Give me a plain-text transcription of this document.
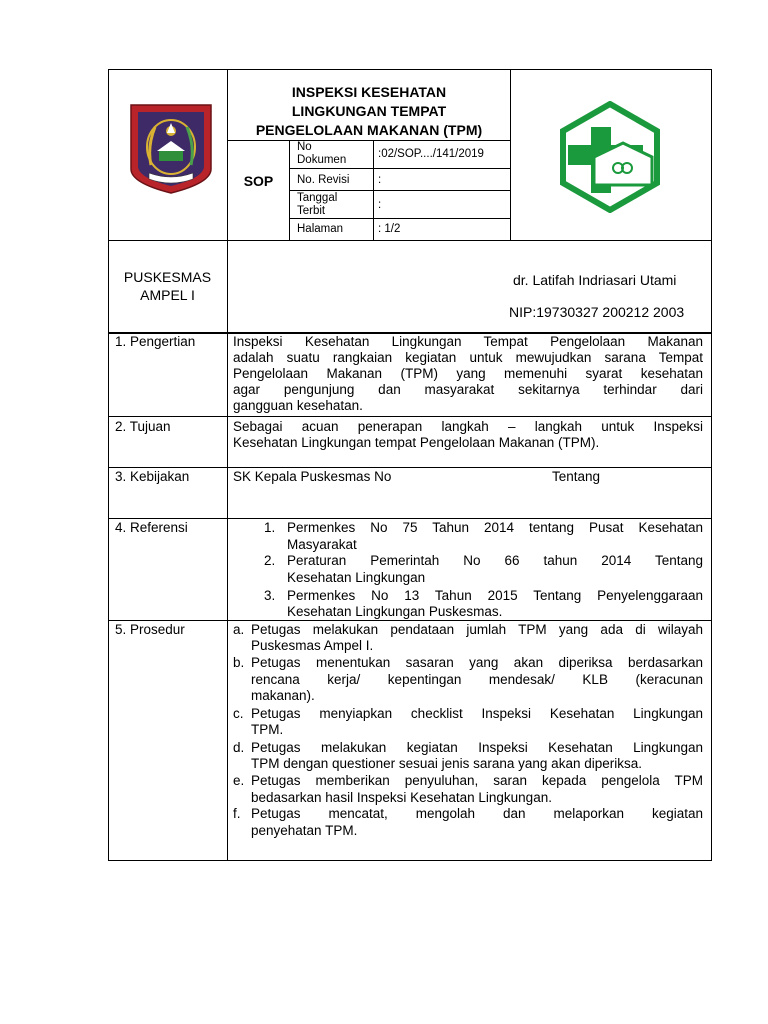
INSPEKSI KESEHATAN
LINGKUNGAN TEMPAT
PENGELOLAAN MAKANAN (TPM)
SOP
No
Dokumen	:02/SOP..../141/2019
No. Revisi :
Tanggal
Terbit	:
Halaman	: 1/2
PUSKESMAS
AMPEL I
dr. Latifah Indriasari Utami
NIP:19730327 200212 2003
1. Pengertian	Inspeksi Kesehatan Lingkungan Tempat Pengelolaan Makanan
adalah suatu rangkaian kegiatan untuk mewujudkan sarana Tempat
Pengelolaan Makanan (TPM) yang memenuhi syarat kesehatan
agar pengunjung dan masyarakat sekitarnya terhindar dari
gangguan kesehatan.
2. Tujuan	Sebagai acuan penerapan langkah – langkah untuk Inspeksi
Kesehatan Lingkungan tempat Pengelolaan Makanan (TPM).
3. Kebijakan	SK Kepala Puskesmas No	Tentang
4. Referensi	1. Permenkes No 75 Tahun 2014 tentang Pusat Kesehatan
Masyarakat
2. Peraturan Pemerintah No 66 tahun 2014 Tentang
Kesehatan Lingkungan
3. Permenkes No 13 Tahun 2015 Tentang Penyelenggaraan
Kesehatan Lingkungan Puskesmas.
5. Prosedur	a. Petugas melakukan pendataan jumlah TPM yang ada di wilayah
Puskesmas Ampel I.
b. Petugas menentukan sasaran yang akan diperiksa berdasarkan
rencana kerja/ kepentingan mendesak/ KLB (keracunan
makanan).
c. Petugas menyiapkan checklist Inspeksi Kesehatan Lingkungan
TPM.
d. Petugas melakukan kegiatan Inspeksi Kesehatan Lingkungan
TPM dengan questioner sesuai jenis sarana yang akan diperiksa.
e. Petugas memberikan penyuluhan, saran kepada pengelola TPM
bedasarkan hasil Inspeksi Kesehatan Lingkungan.
f. Petugas mencatat, mengolah dan melaporkan kegiatan
penyehatan TPM.
